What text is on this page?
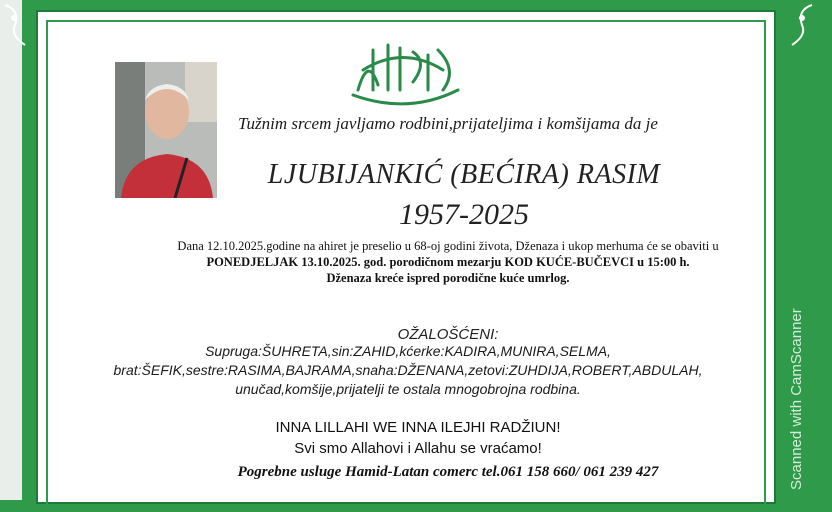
Tužnim srcem javljamo rodbini,prijateljima i komšijama da je
LJUBIJANKIĆ (BEĆIRA) RASIM
1957-2025
Dana 12.10.2025.godine na ahiret je preselio u 68-oj godini života, Dženaza i ukop merhuma će se obaviti u
PONEDJELJAK 13.10.2025. god. porodičnom mezarju KOD KUĆE-BUČEVCI u 15:00 h.
Dženaza kreće ispred porodične kuće umrlog.
OŽALOŠĆENI:
Supruga:ŠUHRETA,sin:ZAHID,kćerke:KADIRA,MUNIRA,SELMA,
brat:ŠEFIK,sestre:RASIMA,BAJRAMA,snaha:DŽENANA,zetovi:ZUHDIJA,ROBERT,ABDULAH,
unučad,komšije,prijatelji te ostala mnogobrojna rodbina.
INNA LILLAHI WE INNA ILEJHI RADŽIUN!
Svi smo Allahovi i Allahu se vraćamo!
Pogrebne usluge Hamid-Latan comerc tel.061 158 660/ 061 239 427	Scanned with CamScanner
